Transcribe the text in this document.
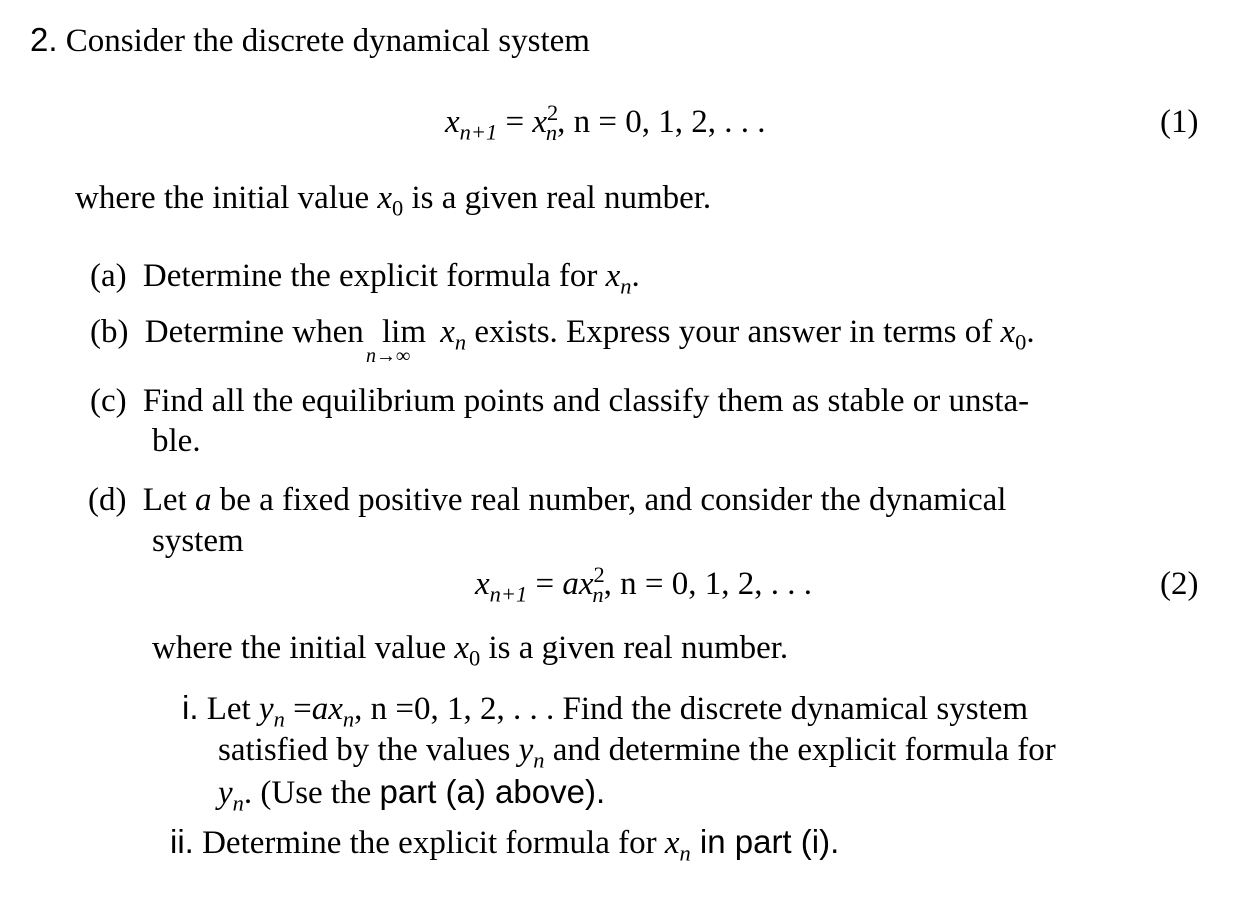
2. Consider the discrete dynamical system
$x_{n+1} = x^2_n$, n = 0, 1, 2, . . .	(1)
where the initial value $x_0$ is a given real number.
(a) Determine the explicit formula for $x_n$.
(b) Determine when lim
n→∞
$x_n$ exists. Express your answer in terms of $x_0$.
(c) Find all the equilibrium points and classify them as stable or unsta-
ble.
(d) Let a be a fixed positive real number, and consider the dynamical
system
$x_{n+1} = ax^2_n$, n = 0, 1, 2, . . .	(2)
where the initial value $x_0$ is a given real number.
i. Let $y_n =ax_n$, n =0, 1, 2, . . . Find the discrete dynamical system
satisfied by the values $y_n$ and determine the explicit formula for
$y_n$. (Use the part (a) above).
ii. Determine the explicit formula for $x_n$ in part (i).
